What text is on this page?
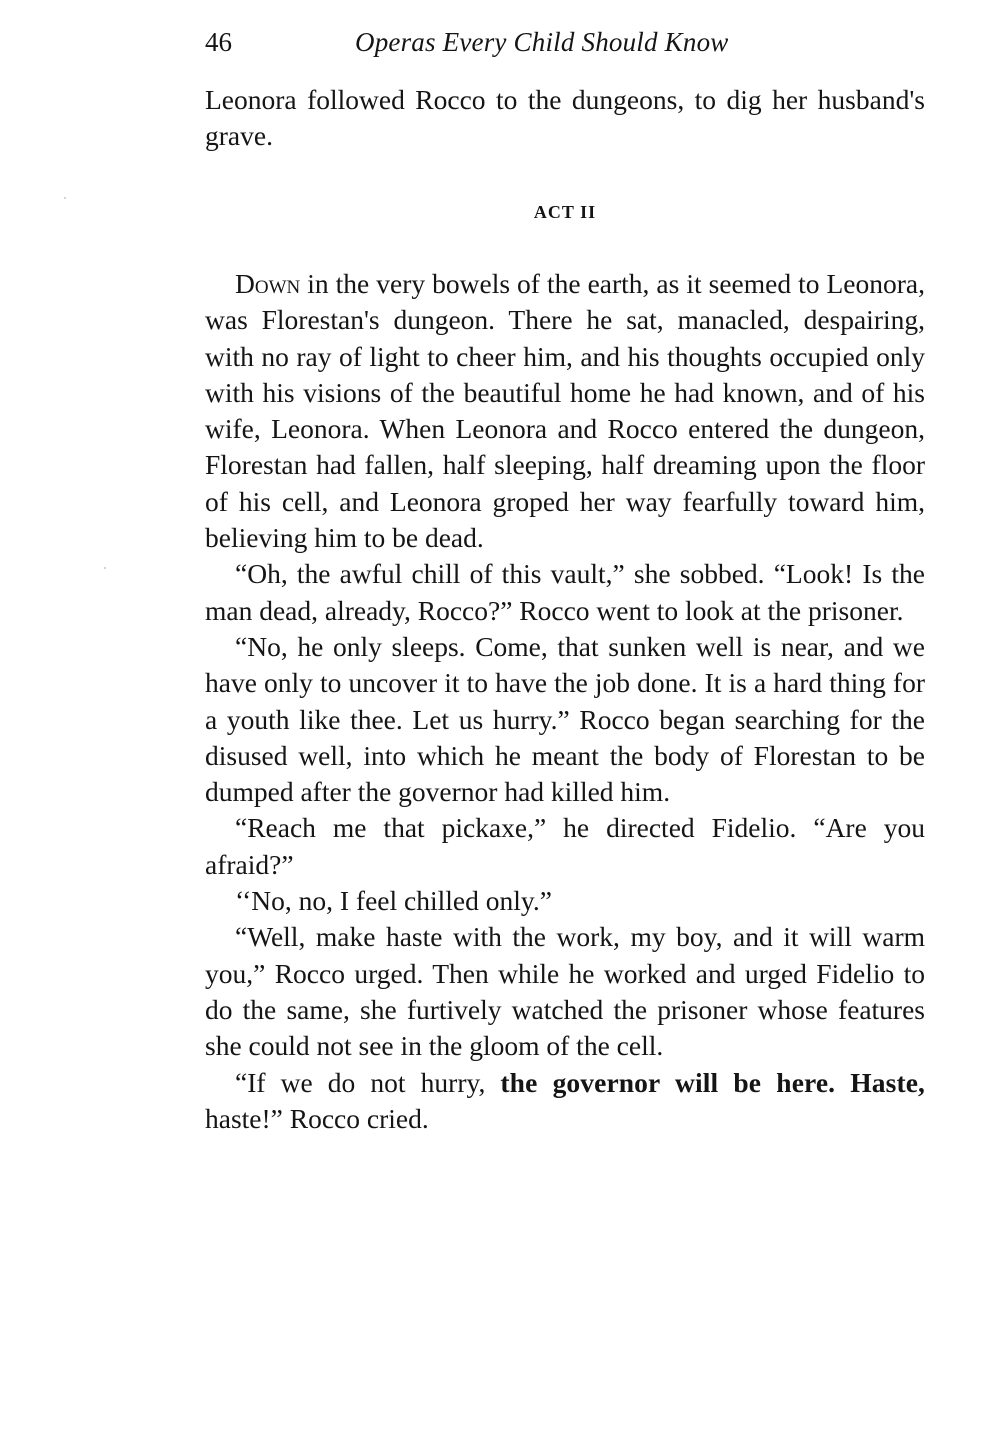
46	Operas Every Child Should Know

Leonora followed Rocco to the dungeons, to dig her husband's grave.

ACT II

Down in the very bowels of the earth, as it seemed to Leonora, was Florestan's dungeon. There he sat, manacled, despairing, with no ray of light to cheer him, and his thoughts occupied only with his visions of the beautiful home he had known, and of his wife, Leonora. When Leonora and Rocco entered the dungeon, Florestan had fallen, half sleeping, half dreaming upon the floor of his cell, and Leonora groped her way fearfully toward him, believing him to be dead.

“Oh, the awful chill of this vault,” she sobbed. “Look! Is the man dead, already, Rocco?” Rocco went to look at the prisoner.

“No, he only sleeps. Come, that sunken well is near, and we have only to uncover it to have the job done. It is a hard thing for a youth like thee. Let us hurry.” Rocco began searching for the disused well, into which he meant the body of Florestan to be dumped after the governor had killed him.

“Reach me that pickaxe,” he directed Fidelio. “Are you afraid?”

‘‘No, no, I feel chilled only.”

“Well, make haste with the work, my boy, and it will warm you,” Rocco urged. Then while he worked and urged Fidelio to do the same, she furtively watched the prisoner whose features she could not see in the gloom of the cell.

“If we do not hurry, the governor will be here. Haste, haste!” Rocco cried.
